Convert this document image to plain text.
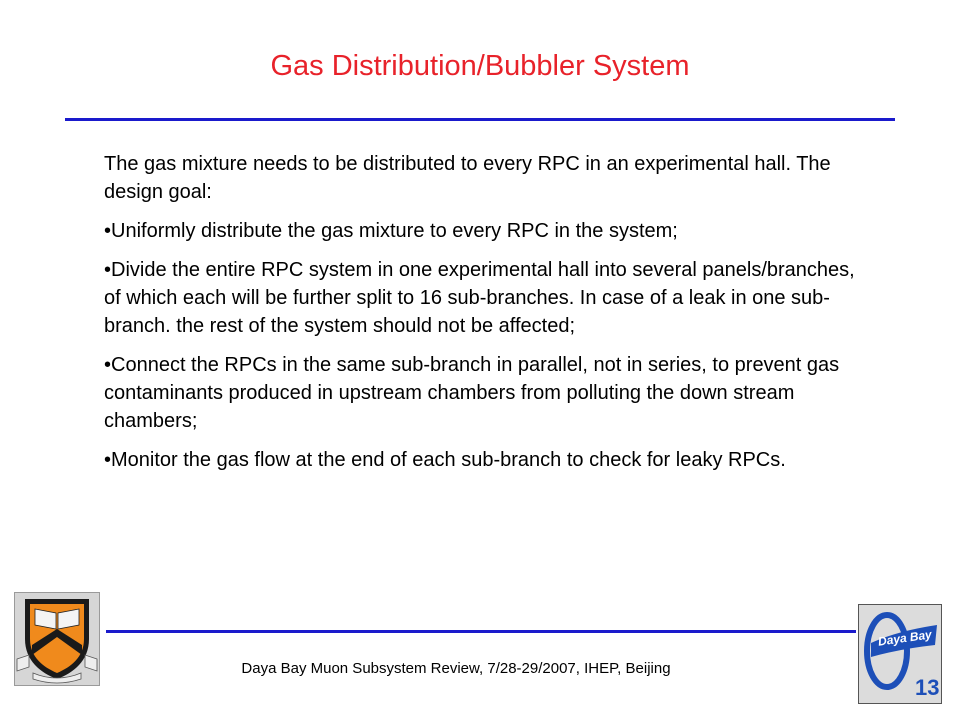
Gas Distribution/Bubbler System

The gas mixture needs to be distributed to every RPC in an experimental hall. The design goal:

•Uniformly distribute the gas mixture to every RPC in the system;

•Divide the entire RPC system in one experimental hall into several panels/branches, of which each will be further split to 16 sub-branches. In case of a leak in one sub-branch. the rest of the system should not be affected;

•Connect the RPCs in the same sub-branch in parallel, not in series, to prevent gas contaminants produced in upstream chambers from polluting the down stream chambers;

•Monitor the gas flow at the end of each sub-branch to check for leaky RPCs.

Daya Bay Muon Subsystem Review, 7/28-29/2007, IHEP, Beijing
Daya Bay
13
